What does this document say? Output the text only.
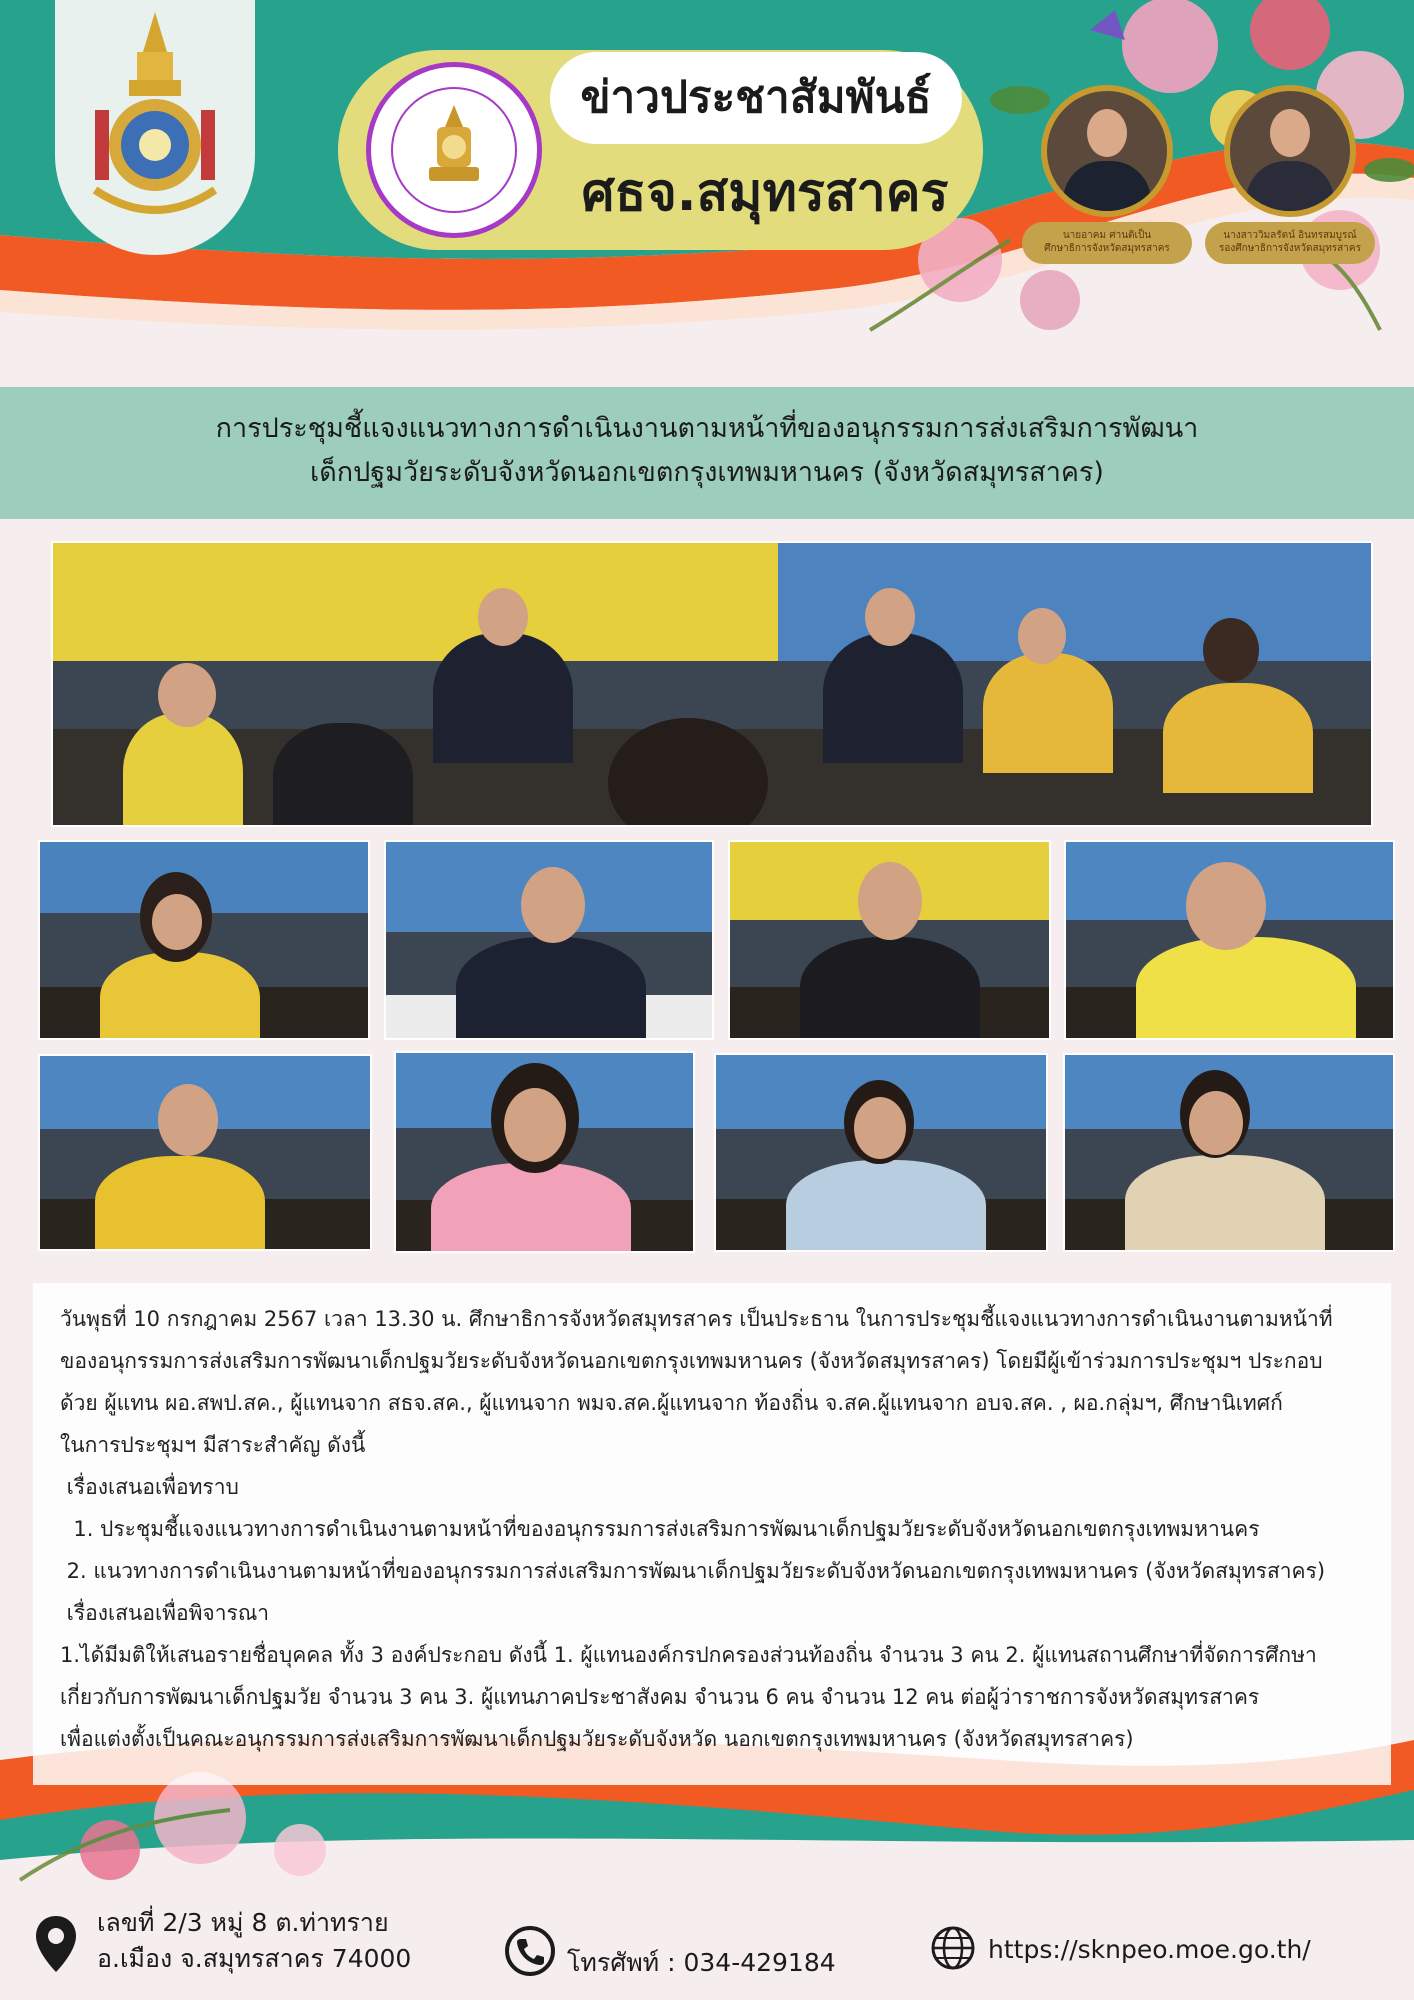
ข่าวประชาสัมพันธ์
ศธจ.สมุทรสาคร
นายอาคม ศานติเป็น
ศึกษาธิการจังหวัดสมุทรสาคร
นางสาววิมลรัตน์ อินทรสมบูรณ์
รองศึกษาธิการจังหวัดสมุทรสาคร
การประชุมชี้แจงแนวทางการดำเนินงานตามหน้าที่ของอนุกรรมการส่งเสริมการพัฒนา
เด็กปฐมวัยระดับจังหวัดนอกเขตกรุงเทพมหานคร (จังหวัดสมุทรสาคร)

วันพุธที่ 10 กรกฎาคม 2567 เวลา 13.30 น. ศึกษาธิการจังหวัดสมุทรสาคร เป็นประธาน ในการประชุมชี้แจงแนวทางการดำเนินงานตามหน้าที่

ของอนุกรรมการส่งเสริมการพัฒนาเด็กปฐมวัยระดับจังหวัดนอกเขตกรุงเทพมหานคร (จังหวัดสมุทรสาคร) โดยมีผู้เข้าร่วมการประชุมฯ ประกอบ

ด้วย ผู้แทน ผอ.สพป.สค., ผู้แทนจาก สธจ.สค., ผู้แทนจาก พมจ.สค.ผู้แทนจาก ท้องถิ่น จ.สค.ผู้แทนจาก อบจ.สค. , ผอ.กลุ่มฯ, ศึกษานิเทศก์

ในการประชุมฯ มีสาระสำคัญ ดังนี้

เรื่องเสนอเพื่อทราบ

1. ประชุมชี้แจงแนวทางการดำเนินงานตามหน้าที่ของอนุกรรมการส่งเสริมการพัฒนาเด็กปฐมวัยระดับจังหวัดนอกเขตกรุงเทพมหานคร

2. แนวทางการดำเนินงานตามหน้าที่ของอนุกรรมการส่งเสริมการพัฒนาเด็กปฐมวัยระดับจังหวัดนอกเขตกรุงเทพมหานคร (จังหวัดสมุทรสาคร)

เรื่องเสนอเพื่อพิจารณา

1.ได้มีมติให้เสนอรายชื่อบุคคล ทั้ง 3 องค์ประกอบ ดังนี้ 1. ผู้แทนองค์กรปกครองส่วนท้องถิ่น จำนวน 3 คน 2. ผู้แทนสถานศึกษาที่จัดการศึกษา

เกี่ยวกับการพัฒนาเด็กปฐมวัย จำนวน 3 คน 3. ผู้แทนภาคประชาสังคม จำนวน 6 คน จำนวน 12 คน ต่อผู้ว่าราชการจังหวัดสมุทรสาคร

เพื่อแต่งตั้งเป็นคณะอนุกรรมการส่งเสริมการพัฒนาเด็กปฐมวัยระดับจังหวัด นอกเขตกรุงเทพมหานคร (จังหวัดสมุทรสาคร)

เลขที่ 2/3 หมู่ 8 ต.ท่าทราย
อ.เมือง จ.สมุทรสาคร 74000	โทรศัพท์ : 034-429184	https://sknpeo.moe.go.th/
